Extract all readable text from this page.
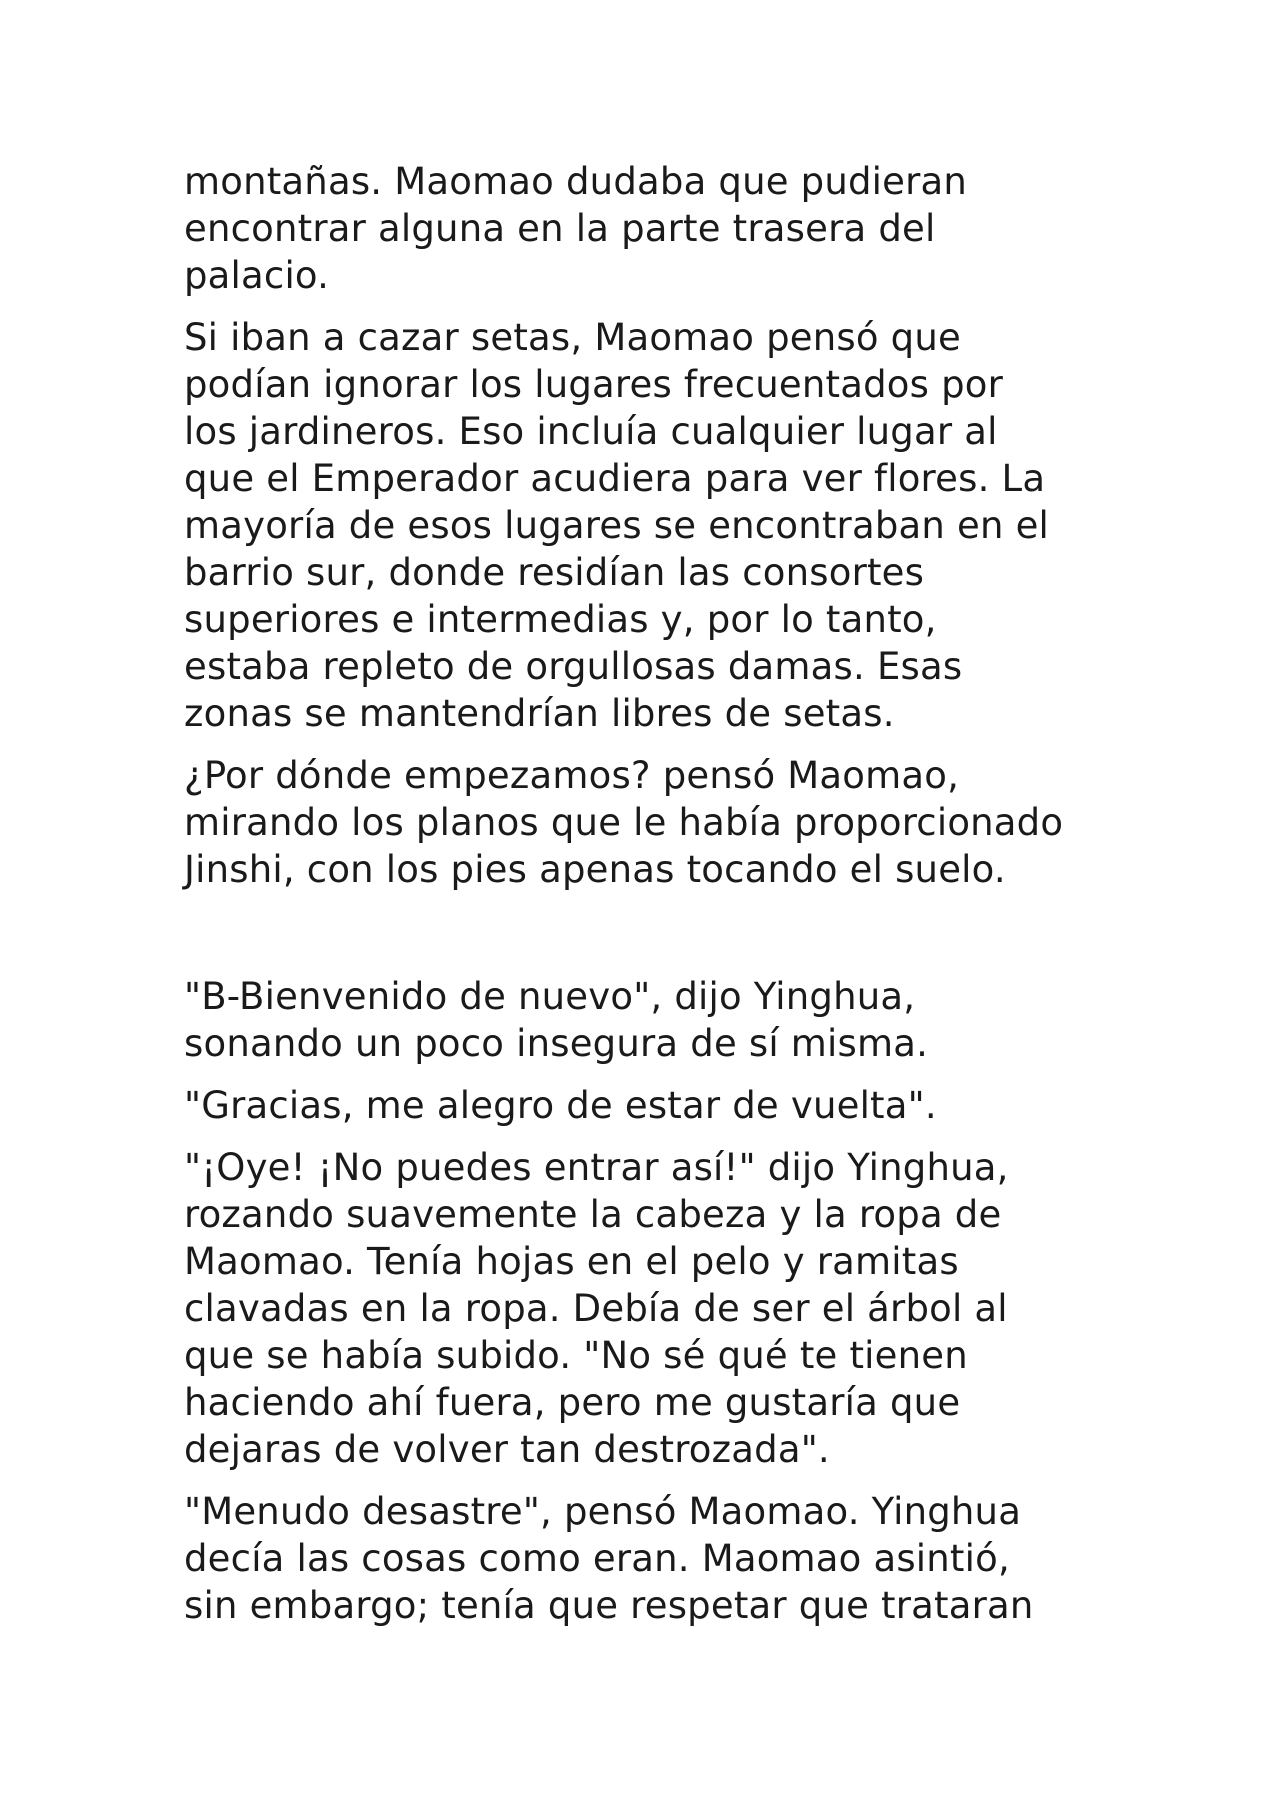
montañas. Maomao dudaba que pudieran
encontrar alguna en la parte trasera del
palacio.

Si iban a cazar setas, Maomao pensó que
podían ignorar los lugares frecuentados por
los jardineros. Eso incluía cualquier lugar al
que el Emperador acudiera para ver flores. La
mayoría de esos lugares se encontraban en el
barrio sur, donde residían las consortes
superiores e intermedias y, por lo tanto,
estaba repleto de orgullosas damas. Esas
zonas se mantendrían libres de setas.

¿Por dónde empezamos? pensó Maomao,
mirando los planos que le había proporcionado
Jinshi, con los pies apenas tocando el suelo.

"B-Bienvenido de nuevo", dijo Yinghua,
sonando un poco insegura de sí misma.

"Gracias, me alegro de estar de vuelta".

"¡Oye! ¡No puedes entrar así!" dijo Yinghua,
rozando suavemente la cabeza y la ropa de
Maomao. Tenía hojas en el pelo y ramitas
clavadas en la ropa. Debía de ser el árbol al
que se había subido. "No sé qué te tienen
haciendo ahí fuera, pero me gustaría que
dejaras de volver tan destrozada".

"Menudo desastre", pensó Maomao. Yinghua
decía las cosas como eran. Maomao asintió,
sin embargo; tenía que respetar que trataran
